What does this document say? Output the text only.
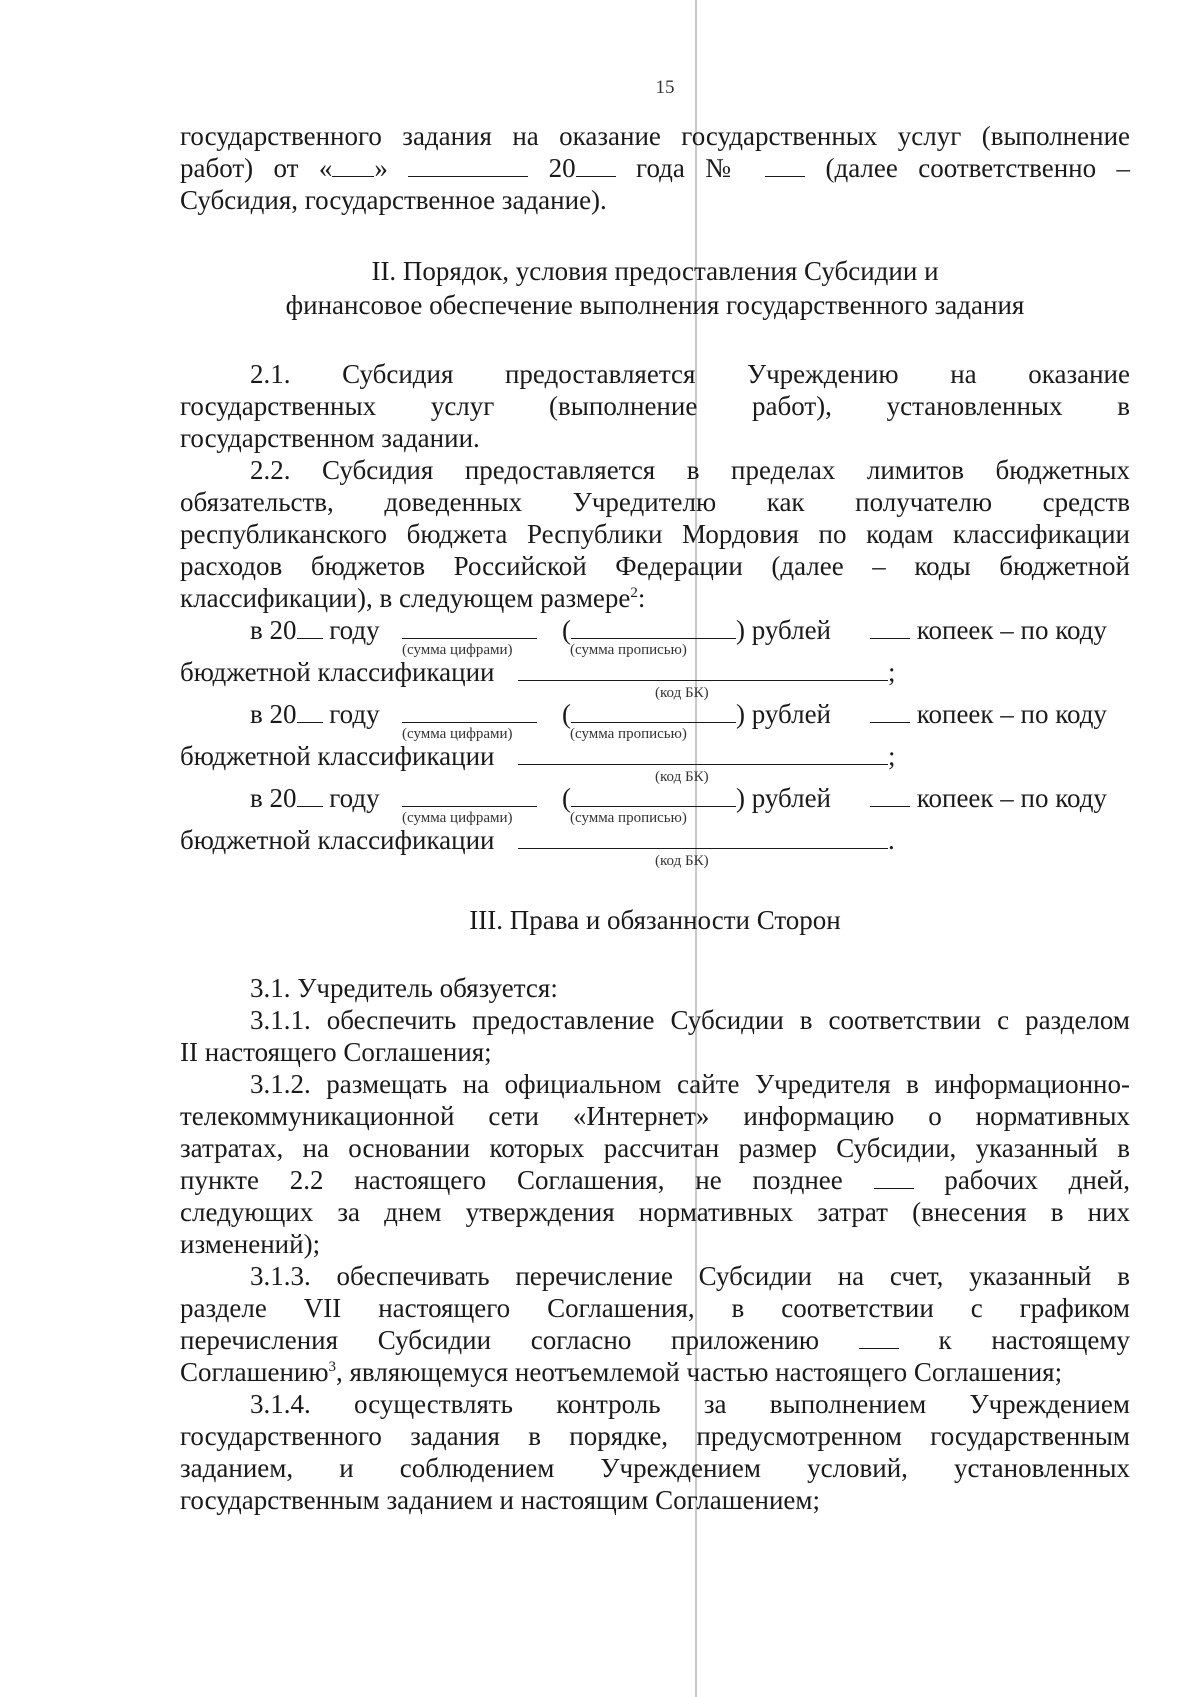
15

государственного задания на оказание государственных услуг (выполнение

работ) от « »	20 года №	(далее соответственно –

Субсидия, государственное задание).

II. Порядок, условия предоставления Субсидии и
финансовое обеспечение выполнения государственного задания

2.1. Субсидия предоставляется Учреждению на оказание

государственных услуг (выполнение работ), установленных в

государственном задании.

2.2. Субсидия предоставляется в пределах лимитов бюджетных

обязательств, доведенных Учредителю как получателю средств

республиканского бюджета Республики Мордовия по кодам классификации

расходов бюджетов Российской Федерации (далее – коды бюджетной

классификации), в следующем размере$^2$:

в 20 году	(	) рублей	копеек – по коду
(сумма цифрами)	(сумма прописью)
бюджетной классификации	;
(код БК)
в 20 году	(	) рублей	копеек – по коду
(сумма цифрами)	(сумма прописью)
бюджетной классификации	;
(код БК)
в 20 году	(	) рублей	копеек – по коду
(сумма цифрами)	(сумма прописью)
бюджетной классификации	.
(код БК)
III. Права и обязанности Сторон

3.1. Учредитель обязуется:

3.1.1. обеспечить предоставление Субсидии в соответствии с разделом

II настоящего Соглашения;

3.1.2. размещать на официальном сайте Учредителя в информационно-

телекоммуникационной сети «Интернет» информацию о нормативных

затратах, на основании которых рассчитан размер Субсидии, указанный в

пункте 2.2 настоящего Соглашения, не позднее	рабочих дней,

следующих за днем утверждения нормативных затрат (внесения в них

изменений);

3.1.3. обеспечивать перечисление Субсидии на счет, указанный в

разделе VII настоящего Соглашения, в соответствии с графиком

перечисления Субсидии согласно приложению	к настоящему

Соглашению$^3$, являющемуся неотъемлемой частью настоящего Соглашения;

3.1.4. осуществлять контроль за выполнением Учреждением

государственного задания в порядке, предусмотренном государственным

заданием, и соблюдением Учреждением условий, установленных

государственным заданием и настоящим Соглашением;
